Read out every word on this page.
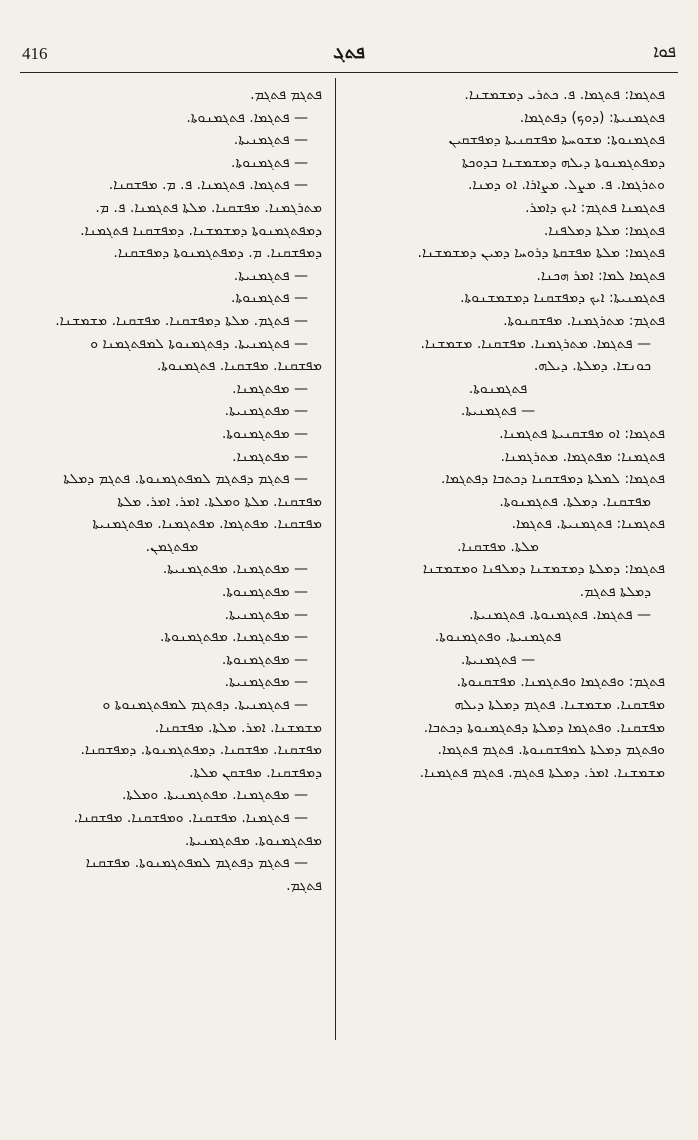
416	ܦܬܓ	ܦܘܐ
ܦܬܓܡܐ: ܦܬܓܡܐ. ܦ. ܟܬܪܝ ܕܡܫܡܫܢܐ.
ܦܬܓܡܢܝܬܐ: (ܕܘܟ) ܕܦܬܓܡܐ.
ܦܬܓܡܢܘܬܐ: ܡܫܘܚܬܐ ܡܦܫܩܢܝܬܐ ܕܡܦܫܩܝܢ
ܕܡܦܬܓܡܢܘܬܐ ܕܝܠܗ ܕܡܫܡܫܢܐ ܒܕܘܟܬܐ
ܘܬܪܓܡܐ. ܦ. ܡܨܠ. ܡܨܐܪܐ. ܐܘ ܕܡܢܐ.
ܦܬܓܡܢܐ ܦܬܓܡ: ܐܝܟ ܕܐܡܪ.
ܦܬܓܡܐ: ܡܠܬܐ ܕܡܠܦܢܐ.
ܦܬܓܡܐ: ܡܠܬܐ ܡܦܫܩܬܐ ܕܪܘܚܐ ܕܡܝܢ ܕܡܫܡܫܢܐ.
ܦܬܓܡܐ ܠܡܐ: ܐܡܪ ܗܟܢܐ.
ܦܬܓܡܢܝܬܐ: ܐܝܟ ܕܡܦܫܩܢܐ ܕܡܫܡܫܢܘܬܐ.
ܦܬܓܡ: ܡܬܪܓܡܢܐ. ܡܦܫܩܢܘܬܐ.
— ܦܬܓܡܐ. ܡܬܪܓܡܢܐ. ܡܦܫܩܢܐ. ܡܫܡܫܢܐ.
ܟܘܢܫܐ. ܕܡܠܬܐ. ܕܝܠܗ.
ܦܬܓܡܢܘܬܐ.
— ܦܬܓܡܢܝܬܐ.
ܦܬܓܡܐ: ܐܘ ܡܦܫܩܢܝܬܐ ܦܬܓܡܢܐ.
ܦܬܓܡܢܐ: ܡܦܬܓܡܐ. ܡܬܪܓܡܢܐ.
ܦܬܓܡܐ: ܠܡܠܬܐ ܕܡܦܫܩܢܐ ܕܟܬܒܐ ܕܦܬܓܡܐ.
ܡܦܫܩܢܐ. ܕܡܠܬܐ. ܦܬܓܡܢܘܬܐ.
ܦܬܓܡܢܐ: ܦܬܓܡܢܝܬܐ. ܦܬܓܡܐ.
ܡܠܬܐ. ܡܦܫܩܢܐ.
ܦܬܓܡܐ: ܕܡܠܬܐ ܕܡܫܡܫܢܐ ܕܡܠܦܢܐ ܘܡܫܡܫܢܐ
ܕܡܠܬܐ ܦܬܓܡ.
— ܦܬܓܡܐ. ܦܬܓܡܢܘܬܐ. ܦܬܓܡܢܝܬܐ.
ܦܬܓܡܢܝܬܐ. ܘܦܬܓܡܢܘܬܐ.
— ܦܬܓܡܢܝܬܐ.
ܦܬܓܡ: ܘܦܬܓܡܐ ܘܦܬܓܡܢܐ. ܡܦܫܩܢܘܬܐ.
ܡܦܫܩܢܐ. ܡܫܡܫܢܐ. ܦܬܓܡ ܕܡܠܬܐ ܕܝܠܗ
ܡܦܫܩܢܐ. ܘܦܬܓܡܐ ܕܡܠܬܐ ܕܦܬܓܡܢܘܬܐ ܕܟܬܒܐ.
ܘܦܬܓܡ ܕܡܠܬܐ ܠܡܦܫܩܢܘܬܐ. ܦܬܓܡ ܦܬܓܡܐ.
ܡܫܡܫܢܐ. ܐܡܪ. ܕܡܠܬܐ ܦܬܓܡ. ܦܬܓܡ ܦܬܓܡܢܐ.
ܦܬܓܡ ܦܬܓܡ.
— ܦܬܓܡܐ. ܦܬܓܡܢܘܬܐ.
— ܦܬܓܡܢܝܬܐ.
— ܦܬܓܡܢܘܬܐ.
— ܦܬܓܡܐ. ܦܬܓܡܢܐ. ܦ. ܡ. ܡܦܫܩܢܐ.
ܡܬܪܓܡܢܐ. ܡܦܫܩܢܐ. ܡܠܬܐ ܦܬܓܡܢܐ. ܦ. ܡ.
ܕܡܦܬܓܡܢܘܬܐ ܕܡܫܡܫܢܐ. ܕܡܦܫܩܢܐ ܦܬܓܡܢܐ.
ܕܡܦܫܩܢܐ. ܡ. ܕܡܦܬܓܡܢܘܬܐ ܕܡܦܫܩܢܐ.
— ܦܬܓܡܢܝܬܐ.
— ܦܬܓܡܢܘܬܐ.
— ܦܬܓܡ. ܡܠܬܐ ܕܡܦܫܩܢܐ. ܡܦܫܩܢܐ. ܡܫܡܫܢܐ.
— ܦܬܓܡܢܝܬܐ. ܕܦܬܓܡܢܘܬܐ ܠܡܦܬܓܡܢܐ ܘ
ܡܦܫܩܢܐ. ܡܦܫܩܢܐ. ܦܬܓܡܢܘܬܐ.
— ܡܦܬܓܡܢܐ.
— ܡܦܬܓܡܢܝܬܐ.
— ܡܦܬܓܡܢܘܬܐ.
— ܡܦܬܓܡܢܐ.
— ܦܬܓܡ ܕܦܬܓܡ ܠܡܦܬܓܡܢܘܬܐ. ܦܬܓܡ ܕܡܠܬܐ
ܡܦܫܩܢܐ. ܡܠܬܐ ܘܡܠܬܐ. ܐܡܪ. ܐܡܪ. ܡܠܬܐ
ܡܦܫܩܢܐ. ܡܦܬܓܡܐ. ܡܦܬܓܡܢܐ. ܡܦܬܓܡܢܝܬܐ
ܡܦܬܓܡܢ.
— ܡܦܬܓܡܢܐ. ܡܦܬܓܡܢܝܬܐ.
— ܡܦܬܓܡܢܘܬܐ.
— ܡܦܬܓܡܢܝܬܐ.
— ܡܦܬܓܡܢܐ. ܡܦܬܓܡܢܘܬܐ.
— ܡܦܬܓܡܢܘܬܐ.
— ܡܦܬܓܡܢܝܬܐ.
— ܦܬܓܡܢܝܬܐ. ܕܦܬܓܡ ܠܡܦܬܓܡܢܘܬܐ ܘ
ܡܫܡܫܢܐ. ܐܡܪ. ܡܠܬܐ. ܡܦܫܩܢܐ.
ܡܦܫܩܢܐ. ܡܦܫܩܢܐ. ܕܡܦܬܓܡܢܘܬܐ. ܕܡܦܫܩܢܐ.
ܕܡܦܫܩܢܐ. ܡܦܫܩܢ ܡܠܬܐ.
— ܡܦܬܓܡܢܐ. ܡܦܬܓܡܢܝܬܐ. ܘܡܠܬܐ.
— ܦܬܓܡܢܐ. ܡܦܫܩܢܐ. ܘܡܦܫܩܢܐ. ܡܦܫܩܢܐ.
ܡܦܬܓܡܢܘܬܐ. ܡܦܬܓܡܢܝܬܐ.
— ܦܬܓܡ ܕܦܬܓܡ ܠܡܦܬܓܡܢܘܬܐ. ܡܦܫܩܢܐ
ܦܬܓܡ.
